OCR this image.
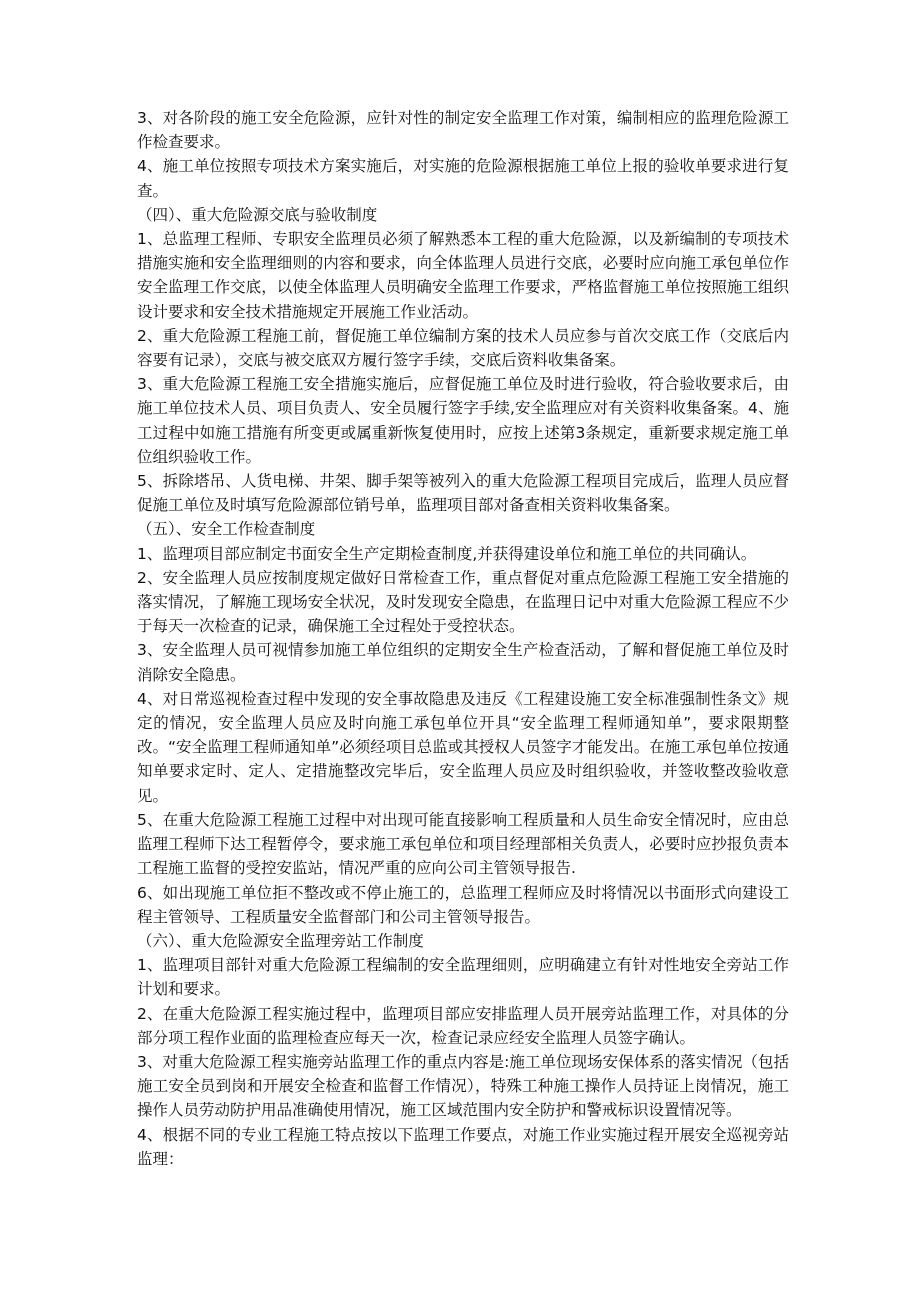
3、对各阶段的施工安全危险源，应针对性的制定安全监理工作对策，编制相应的监理危险源工作检查要求。

4、施工单位按照专项技术方案实施后，对实施的危险源根据施工单位上报的验收单要求进行复查。

（四）、重大危险源交底与验收制度

1、总监理工程师、专职安全监理员必须了解熟悉本工程的重大危险源，以及新编制的专项技术措施实施和安全监理细则的内容和要求，向全体监理人员进行交底，必要时应向施工承包单位作安全监理工作交底，以使全体监理人员明确安全监理工作要求，严格监督施工单位按照施工组织设计要求和安全技术措施规定开展施工作业活动。

2、重大危险源工程施工前，督促施工单位编制方案的技术人员应参与首次交底工作（交底后内容要有记录），交底与被交底双方履行签字手续，交底后资料收集备案。

3、重大危险源工程施工安全措施实施后，应督促施工单位及时进行验收，符合验收要求后，由施工单位技术人员、项目负责人、安全员履行签字手续,安全监理应对有关资料收集备案。4、施工过程中如施工措施有所变更或属重新恢复使用时，应按上述第3条规定，重新要求规定施工单位组织验收工作。

5、拆除塔吊、人货电梯、井架、脚手架等被列入的重大危险源工程项目完成后，监理人员应督促施工单位及时填写危险源部位销号单，监理项目部对备查相关资料收集备案。

（五）、安全工作检查制度

1、监理项目部应制定书面安全生产定期检查制度,并获得建设单位和施工单位的共同确认。

2、安全监理人员应按制度规定做好日常检查工作，重点督促对重点危险源工程施工安全措施的落实情况，了解施工现场安全状况，及时发现安全隐患，在监理日记中对重大危险源工程应不少于每天一次检查的记录，确保施工全过程处于受控状态。

3、安全监理人员可视情参加施工单位组织的定期安全生产检查活动，了解和督促施工单位及时消除安全隐患。

4、对日常巡视检查过程中发现的安全事故隐患及违反《工程建设施工安全标准强制性条文》规定的情况，安全监理人员应及时向施工承包单位开具“安全监理工程师通知单”，要求限期整改。“安全监理工程师通知单”必须经项目总监或其授权人员签字才能发出。在施工承包单位按通知单要求定时、定人、定措施整改完毕后，安全监理人员应及时组织验收，并签收整改验收意见。

5、在重大危险源工程施工过程中对出现可能直接影响工程质量和人员生命安全情况时，应由总监理工程师下达工程暂停令，要求施工承包单位和项目经理部相关负责人，必要时应抄报负责本工程施工监督的受控安监站，情况严重的应向公司主管领导报告.

6、如出现施工单位拒不整改或不停止施工的，总监理工程师应及时将情况以书面形式向建设工程主管领导、工程质量安全监督部门和公司主管领导报告。

（六）、重大危险源安全监理旁站工作制度

1、监理项目部针对重大危险源工程编制的安全监理细则，应明确建立有针对性地安全旁站工作计划和要求。

2、在重大危险源工程实施过程中，监理项目部应安排监理人员开展旁站监理工作，对具体的分部分项工程作业面的监理检查应每天一次，检查记录应经安全监理人员签字确认。

3、对重大危险源工程实施旁站监理工作的重点内容是:施工单位现场安保体系的落实情况（包括施工安全员到岗和开展安全检查和监督工作情况），特殊工种施工操作人员持证上岗情况，施工操作人员劳动防护用品准确使用情况，施工区域范围内安全防护和警戒标识设置情况等。

4、根据不同的专业工程施工特点按以下监理工作要点，对施工作业实施过程开展安全巡视旁站监理：
